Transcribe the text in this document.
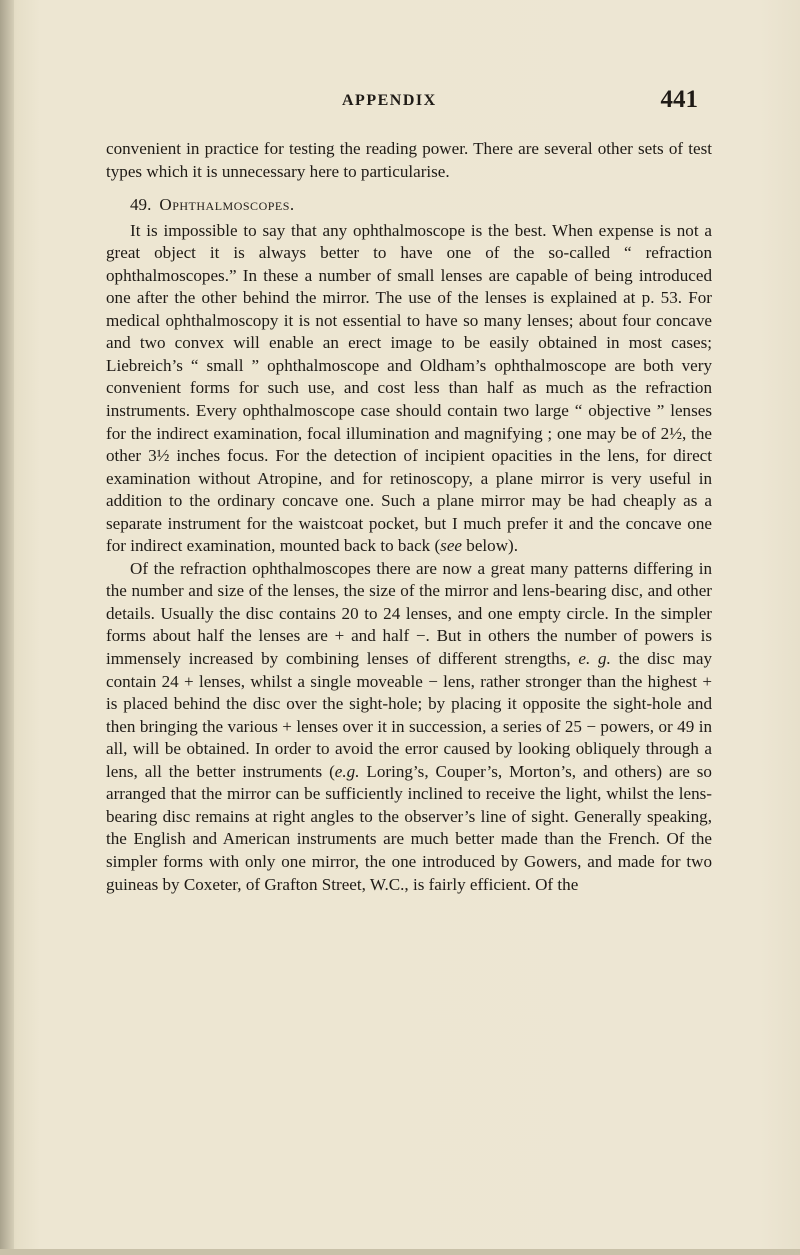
APPENDIX	441

convenient in practice for testing the reading power. There are several other sets of test types which it is unnecessary here to particularise.

49. Ophthalmoscopes.

It is impossible to say that any ophthalmoscope is the best. When expense is not a great object it is always better to have one of the so-called “ refraction ophthalmoscopes.” In these a number of small lenses are capable of being introduced one after the other behind the mirror. The use of the lenses is explained at p. 53. For medical ophthalmoscopy it is not essential to have so many lenses; about four concave and two convex will enable an erect image to be easily obtained in most cases; Liebreich’s “ small ” ophthalmoscope and Oldham’s ophthalmoscope are both very convenient forms for such use, and cost less than half as much as the refraction instruments. Every ophthalmoscope case should contain two large “ objective ” lenses for the indirect examination, focal illumination and magnifying ; one may be of 2½, the other 3½ inches focus. For the detection of incipient opacities in the lens, for direct examination without Atropine, and for retinoscopy, a plane mirror is very useful in addition to the ordinary concave one. Such a plane mirror may be had cheaply as a separate instrument for the waistcoat pocket, but I much prefer it and the concave one for indirect examination, mounted back to back (see below).

Of the refraction ophthalmoscopes there are now a great many patterns differing in the number and size of the lenses, the size of the mirror and lens-bearing disc, and other details. Usually the disc contains 20 to 24 lenses, and one empty circle. In the simpler forms about half the lenses are + and half −. But in others the number of powers is immensely increased by combining lenses of different strengths, e. g. the disc may contain 24 + lenses, whilst a single moveable − lens, rather stronger than the highest + is placed behind the disc over the sight-hole; by placing it opposite the sight-hole and then bringing the various + lenses over it in succession, a series of 25 − powers, or 49 in all, will be obtained. In order to avoid the error caused by looking obliquely through a lens, all the better instruments (e.g. Loring’s, Couper’s, Morton’s, and others) are so arranged that the mirror can be sufficiently inclined to receive the light, whilst the lens-bearing disc remains at right angles to the observer’s line of sight. Generally speaking, the English and American instruments are much better made than the French. Of the simpler forms with only one mirror, the one introduced by Gowers, and made for two guineas by Coxeter, of Grafton Street, W.C., is fairly efficient. Of the
